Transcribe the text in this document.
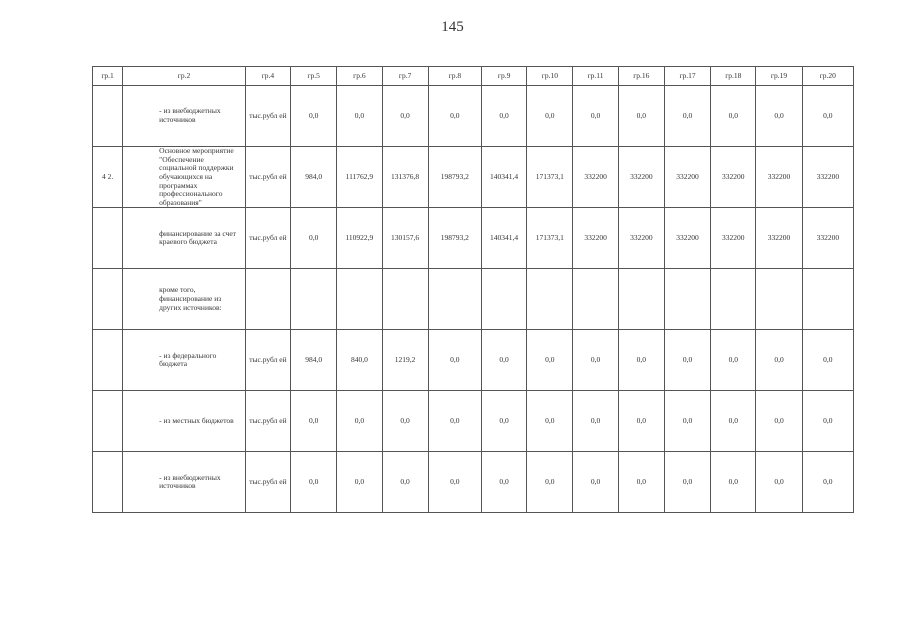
145
гр.1	гр.2	гр.4	гр.5	гр.6	гр.7	гр.8	гр.9	гр.10	гр.11	гр.16	гр.17	гр.18	гр.19	гр.20
	- из внебюджетных источников	тыс.рубл ей	0,0	0,0	0,0	0,0	0,0	0,0	0,0	0,0	0,0	0,0	0,0	0,0
4 2.	Основное мероприятие "Обеспечение социальной поддержки обучающихся на программах профессионального образования"	тыс.рубл ей	984,0	111762,9	131376,8	198793,2	140341,4	171373,1	332200	332200	332200	332200	332200	332200
	финансирование за счет краевого бюджета	тыс.рубл ей	0,0	110922,9	130157,6	198793,2	140341,4	171373,1	332200	332200	332200	332200	332200	332200
	кроме того, финансирование из других источников:													
	- из федерального бюджета	тыс.рубл ей	984,0	840,0	1219,2	0,0	0,0	0,0	0,0	0,0	0,0	0,0	0,0	0,0
	- из местных бюджетов	тыс.рубл ей	0,0	0,0	0,0	0,0	0,0	0,0	0,0	0,0	0,0	0,0	0,0	0,0
	- из внебюджетных источников	тыс.рубл ей	0,0	0,0	0,0	0,0	0,0	0,0	0,0	0,0	0,0	0,0	0,0	0,0
